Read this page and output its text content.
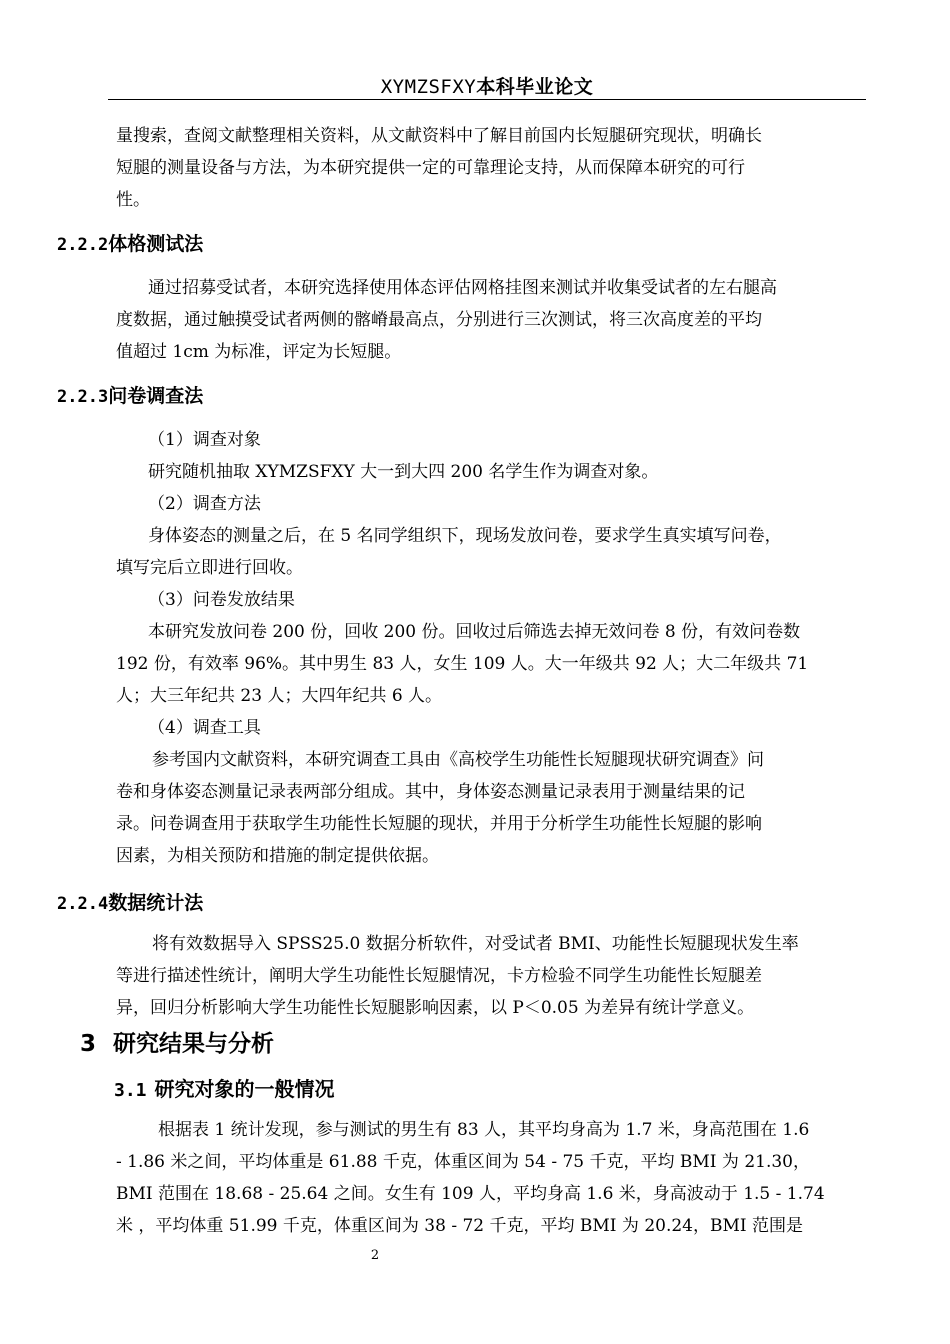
XYMZSFXY本科毕业论文
量搜索，查阅文献整理相关资料，从文献资料中了解目前国内长短腿研究现状，明确长
短腿的测量设备与方法，为本研究提供一定的可靠理论支持，从而保障本研究的可行
性。
2.2.2体格测试法
通过招募受试者，本研究选择使用体态评估网格挂图来测试并收集受试者的左右腿高
度数据，通过触摸受试者两侧的髂嵴最高点，分别进行三次测试，将三次高度差的平均
值超过 1cm 为标准，评定为长短腿。
2.2.3问卷调查法
（1）调查对象
研究随机抽取 XYMZSFXY 大一到大四 200 名学生作为调查对象。
（2）调查方法
身体姿态的测量之后，在 5 名同学组织下，现场发放问卷，要求学生真实填写问卷，
填写完后立即进行回收。
（3）问卷发放结果
本研究发放问卷 200 份，回收 200 份。回收过后筛选去掉无效问卷 8 份，有效问卷数
192 份，有效率 96%。其中男生 83 人，女生 109 人。大一年级共 92 人；大二年级共 71
人；大三年纪共 23 人；大四年纪共 6 人。
（4）调查工具
参考国内文献资料，本研究调查工具由《高校学生功能性长短腿现状研究调查》问
卷和身体姿态测量记录表两部分组成。其中，身体姿态测量记录表用于测量结果的记
录。问卷调查用于获取学生功能性长短腿的现状，并用于分析学生功能性长短腿的影响
因素，为相关预防和措施的制定提供依据。
2.2.4数据统计法
将有效数据导入 SPSS25.0 数据分析软件，对受试者 BMI、功能性长短腿现状发生率
等进行描述性统计，阐明大学生功能性长短腿情况，卡方检验不同学生功能性长短腿差
异，回归分析影响大学生功能性长短腿影响因素，以 P＜0.05 为差异有统计学意义。
3 研究结果与分析
3.1 研究对象的一般情况
根据表 1 统计发现，参与测试的男生有 83 人，其平均身高为 1.7 米，身高范围在 1.6
- 1.86 米之间，平均体重是 61.88 千克，体重区间为 54 - 75 千克，平均 BMI 为 21.30，
BMI 范围在 18.68 - 25.64 之间。女生有 109 人，平均身高 1.6 米，身高波动于 1.5 - 1.74
米 ，平均体重 51.99 千克，体重区间为 38 - 72 千克，平均 BMI 为 20.24，BMI 范围是
2
